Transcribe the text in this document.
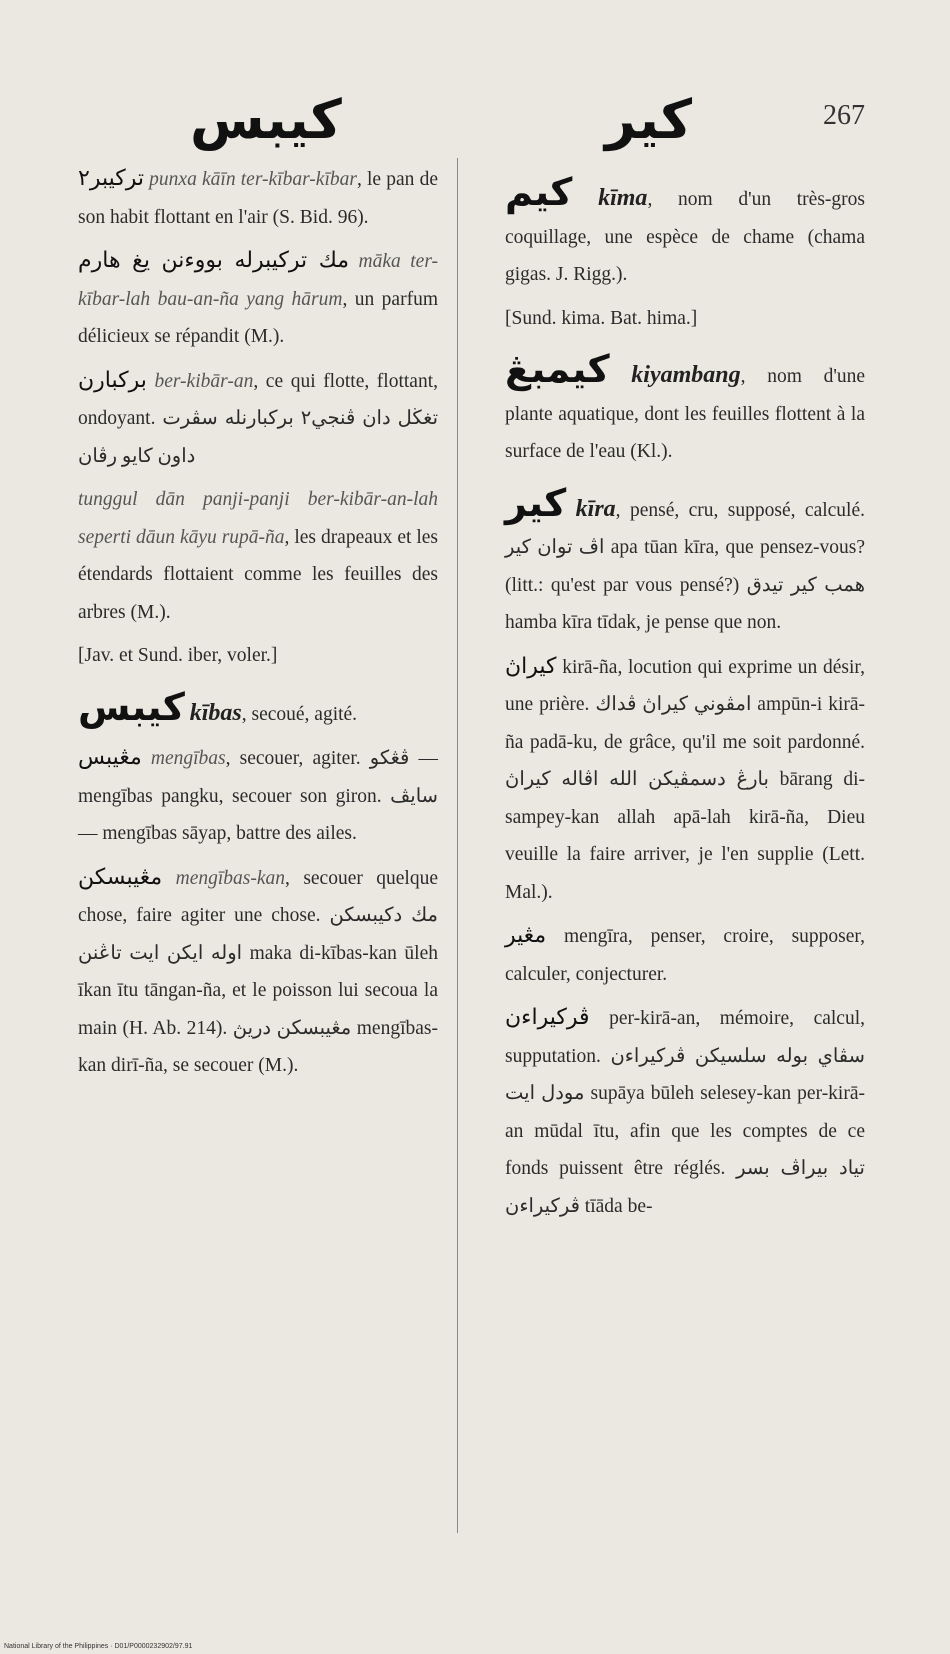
كيبس	كير	267

تركيبر٢ punxa kāīn ter-kībar-kībar, le pan de son habit flottant en l'air (S. Bid. 96).

مك تركيبرله بووءنن يغ هارم māka ter-kībar-lah bau-an-ña yang hārum, un parfum délicieux se répandit (M.).

بركبارن ber-kibār-an, ce qui flotte, flottant, ondoyant. تغڬل دان ڤنجي٢ بركبارنله سڤرت داون كايو رڤان

tunggul dān panji-panji ber-kibār-an-lah seperti dāun kāyu rupā-ña, les drapeaux et les étendards flottaient comme les feuilles des arbres (M.).

[Jav. et Sund. iber, voler.]

كيبس kības, secoué, agité.

مڠيبس mengības, secouer, agiter. ڤڠكو — mengības pangku, secouer son giron. سايڤ — mengības sāyap, battre des ailes.

مڠيبسكن mengības-kan, secouer quelque chose, faire agiter une chose. مك دكيبسكن اوله ايكن ايت تاڠنن maka di-kības-kan ūleh īkan ītu tāngan-ña, et le poisson lui secoua la main (H. Ab. 214). مڠيبسكن دريڽ mengības-kan dirī-ña, se secouer (M.).

كيم kīma, nom d'un très-gros coquillage, une espèce de chame (chama gigas. J. Rigg.).

[Sund. kima. Bat. hima.]

كيمبڠ kiyambang, nom d'une plante aquatique, dont les feuilles flottent à la surface de l'eau (Kl.).

كير kīra, pensé, cru, supposé, calculé. اڤ توان كير apa tūan kīra, que pensez-vous? (litt.: qu'est par vous pensé?) همب كير تيدق hamba kīra tīdak, je pense que non.

كيراڽ kirā-ña, locution qui exprime un désir, une prière. امڤوني كيراڽ ڤداك ampūn-i kirā-ña padā-ku, de grâce, qu'il me soit pardonné. بارڠ دسمڤيكن الله اڤاله كيراڽ bārang di-sampey-kan allah apā-lah kirā-ña, Dieu veuille la faire arriver, je l'en supplie (Lett. Mal.).

مڠير mengīra, penser, croire, supposer, calculer, conjecturer.

ڤركيراءن per-kirā-an, mémoire, calcul, supputation. سڤاي بوله سلسيكن ڤركيراءن مودل ايت supāya būleh selesey-kan per-kirā-an mūdal ītu, afin que les comptes de ce fonds puissent être réglés. تياد بيراڤ بسر ڤركيراءن tīāda be-

National Library of the Philippines · D01/P0000232902/97.91
